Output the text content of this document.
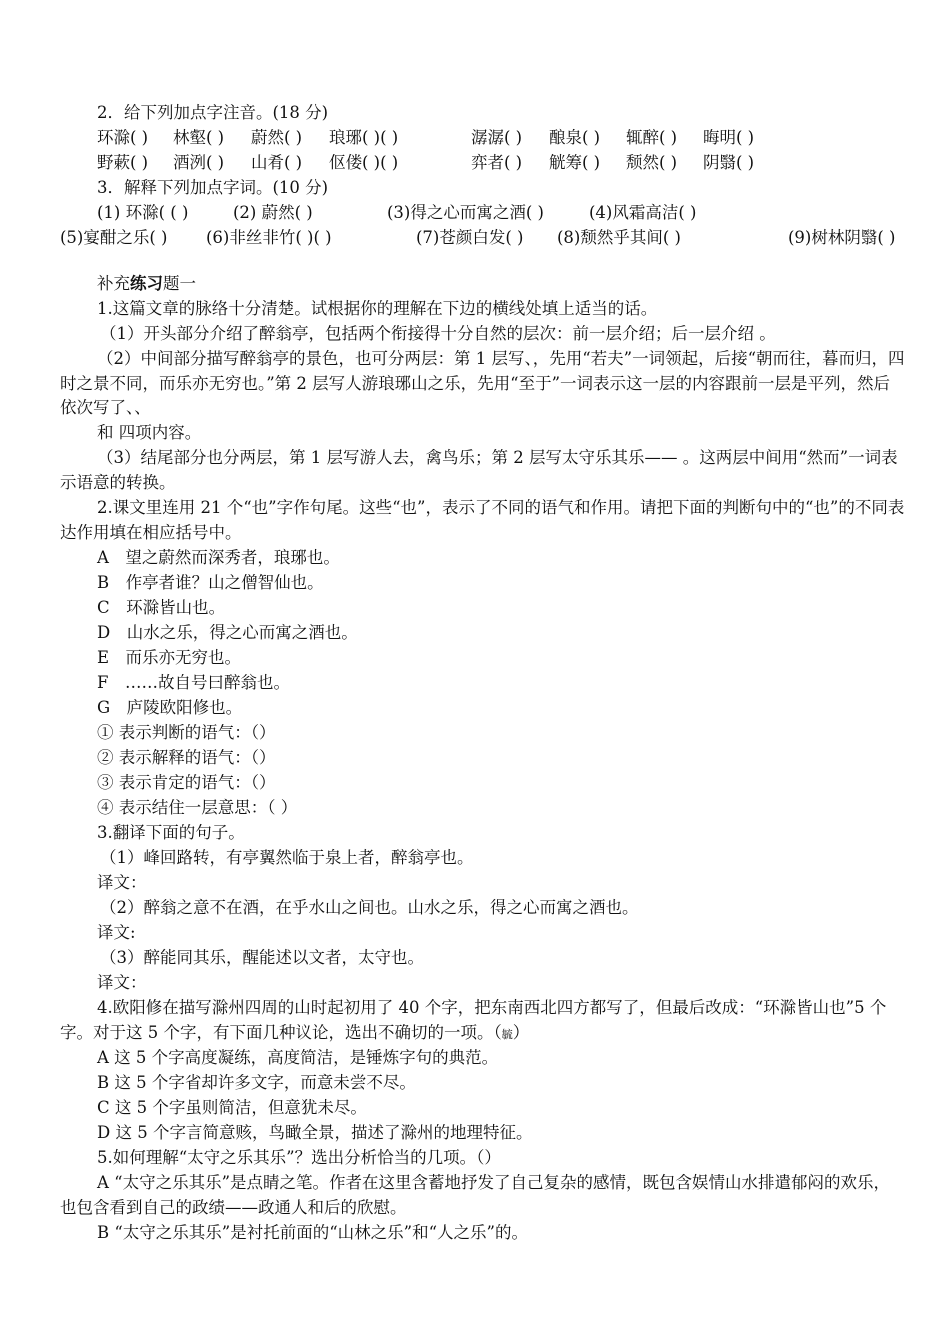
2．给下列加点字注音。(18 分)
环滁( ) 林壑( ) 蔚然( ) 琅琊( )( )	潺潺( ) 酿泉( ) 辄醉( ) 晦明( )
野蔌( ) 酒洌( ) 山肴( ) 伛偻( )( )	弈者( ) 觥筹( ) 颓然( ) 阴翳( )
3．解释下列加点字词。(10 分)
(1) 环滁( ( )	(2) 蔚然( )	(3)得之心而寓之酒( )	(4)风霜高洁( )
(5)宴酣之乐( ) (6)非丝非竹( )( )	(7)苍颜白发( ) (8)颓然乎其间( )	(9)树林阴翳( )
补充练习题一
1.这篇文章的脉络十分清楚。试根据你的理解在下边的横线处填上适当的话。
（1）开头部分介绍了醉翁亭，包括两个衔接得十分自然的层次：前一层介绍；后一层介绍 。
（2）中间部分描写醉翁亭的景色，也可分两层：第 1 层写、，先用“若夫”一词领起，后接“朝而往，暮而归，四时之景不同，而乐亦无穷也。”第 2 层写人游琅琊山之乐，先用“至于”一词表示这一层的内容跟前一层是平列，然后依次写了、、
和 四项内容。
（3）结尾部分也分两层，第 1 层写游人去，禽鸟乐；第 2 层写太守乐其乐—— 。这两层中间用“然而”一词表示语意的转换。
2.课文里连用 21 个“也”字作句尾。这些“也”，表示了不同的语气和作用。请把下面的判断句中的“也”的不同表达作用填在相应括号中。
A　望之蔚然而深秀者，琅琊也。
B　作亭者谁？山之僧智仙也。
C　环滁皆山也。
D　山水之乐，得之心而寓之酒也。
E　而乐亦无穷也。
F　……故自号曰醉翁也。
G　庐陵欧阳修也。
① 表示判断的语气：（）
② 表示解释的语气：（）
③ 表示肯定的语气：（）
④ 表示结住一层意思：（ ）
3.翻译下面的句子。
（1）峰回路转，有亭翼然临于泉上者，醉翁亭也。
译文：
（2）醉翁之意不在酒，在乎水山之间也。山水之乐，得之心而寓之酒也。
译文:
（3）醉能同其乐，醒能述以文者，太守也。
译文：
4.欧阳修在描写滁州四周的山时起初用了 40 个字，把东南西北四方都写了，但最后改成：“环滁皆山也”5 个字。对于这 5 个字，有下面几种议论，选出不确切的一项。（毓）
A 这 5 个字高度凝练，高度简洁，是锤炼字句的典范。
B 这 5 个字省却许多文字，而意未尝不尽。
C 这 5 个字虽则简洁，但意犹未尽。
D 这 5 个字言简意赅，鸟瞰全景，描述了滁州的地理特征。
5.如何理解“太守之乐其乐”？选出分析恰当的几项。（）
A “太守之乐其乐”是点睛之笔。作者在这里含蓄地抒发了自己复杂的感情，既包含娱情山水排遣郁闷的欢乐，也包含看到自己的政绩——政通人和后的欣慰。
B “太守之乐其乐”是衬托前面的“山林之乐”和“人之乐”的。
